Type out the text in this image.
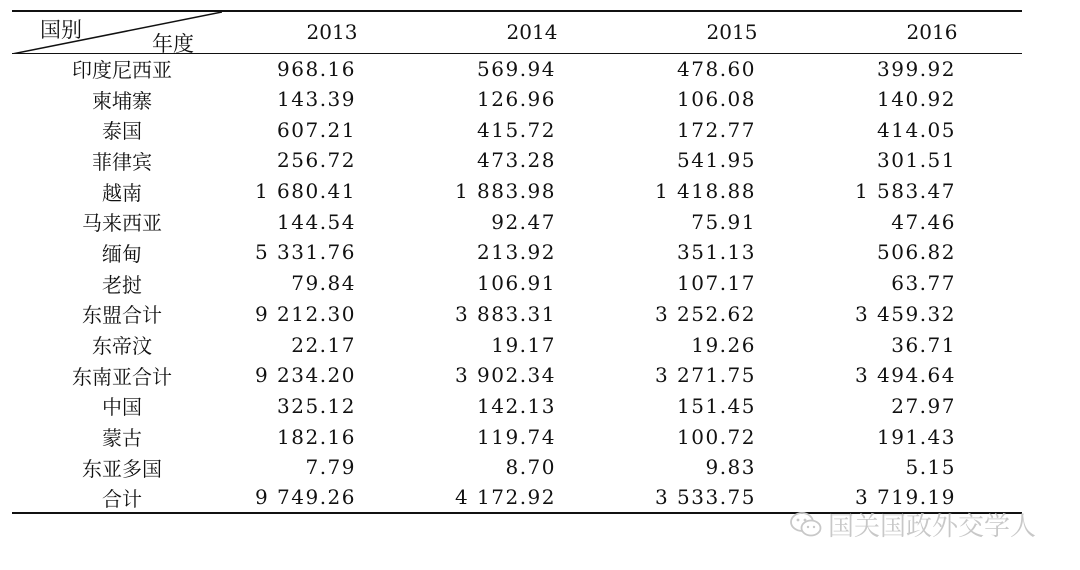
国别
年度	2013	2014	2015	2016
印度尼西亚	968.16	569.94	478.60	399.92
柬埔寨	143.39	126.96	106.08	140.92
泰国	607.21	415.72	172.77	414.05
菲律宾	256.72	473.28	541.95	301.51
越南	1 680.41	1 883.98	1 418.88	1 583.47
马来西亚	144.54	92.47	75.91	47.46
缅甸	5 331.76	213.92	351.13	506.82
老挝	79.84	106.91	107.17	63.77
东盟合计	9 212.30	3 883.31	3 252.62	3 459.32
东帝汶	22.17	19.17	19.26	36.71
东南亚合计	9 234.20	3 902.34	3 271.75	3 494.64
中国	325.12	142.13	151.45	27.97
蒙古	182.16	119.74	100.72	191.43
东亚多国	7.79	8.70	9.83	5.15
合计	9 749.26	4 172.92	3 533.75	3 719.19
国关国政外交学人
